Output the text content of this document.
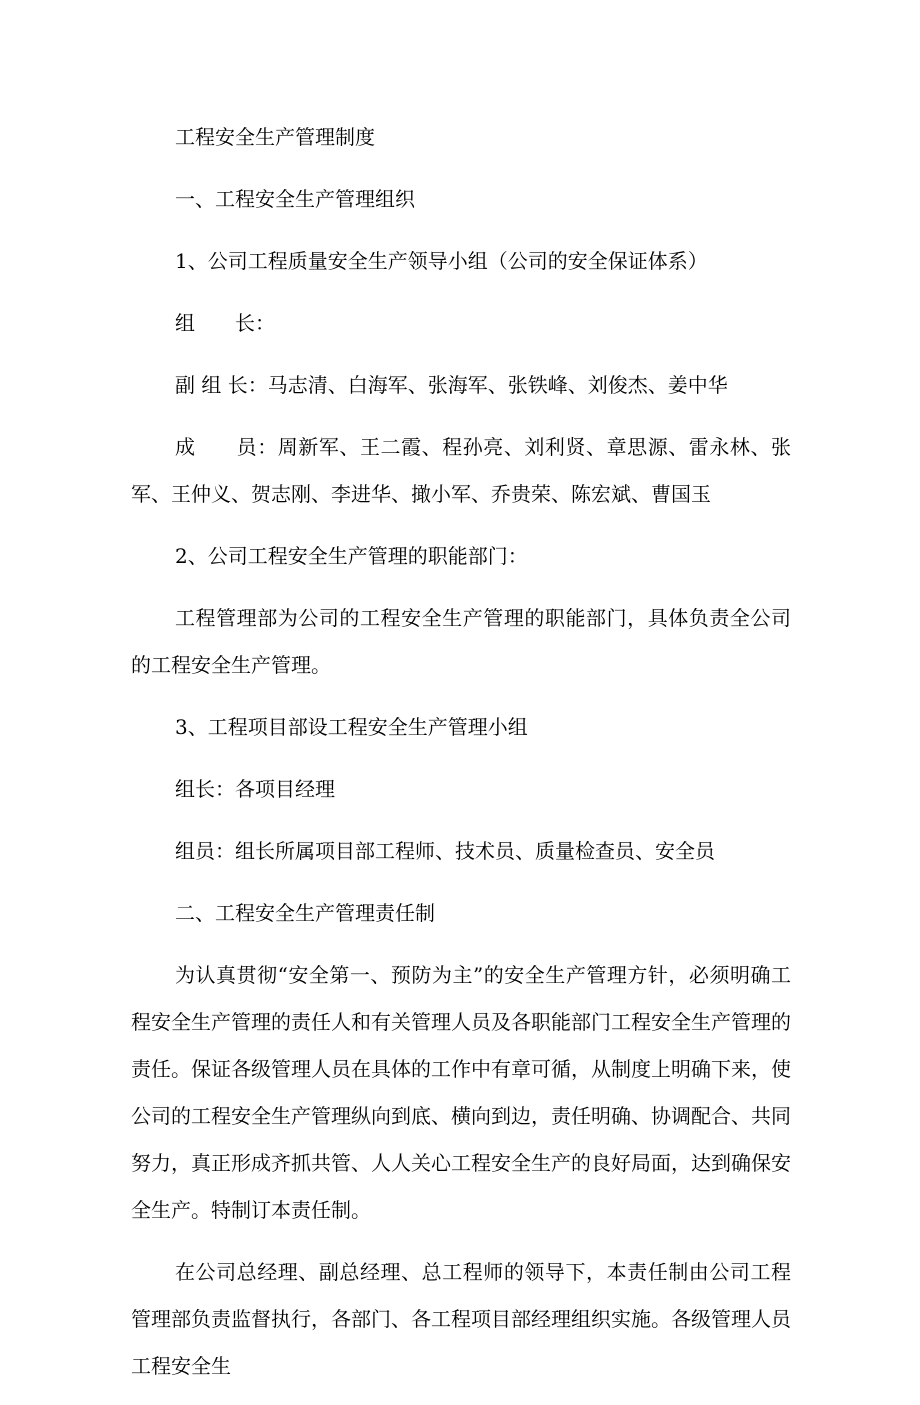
工程安全生产管理制度

一、工程安全生产管理组织

1、公司工程质量安全生产领导小组（公司的安全保证体系）

组　　长：

副 组 长：马志清、白海军、张海军、张铁峰、刘俊杰、姜中华

成　　员：周新军、王二霞、程孙亮、刘利贤、章思源、雷永林、张军、王仲义、贺志刚、李进华、撖小军、乔贵荣、陈宏斌、曹国玉

2、公司工程安全生产管理的职能部门：

工程管理部为公司的工程安全生产管理的职能部门，具体负责全公司的工程安全生产管理。

3、工程项目部设工程安全生产管理小组

组长：各项目经理

组员：组长所属项目部工程师、技术员、质量检查员、安全员

二、工程安全生产管理责任制

为认真贯彻“安全第一、预防为主”的安全生产管理方针，必须明确工程安全生产管理的责任人和有关管理人员及各职能部门工程安全生产管理的责任。保证各级管理人员在具体的工作中有章可循，从制度上明确下来，使公司的工程安全生产管理纵向到底、横向到边，责任明确、协调配合、共同努力，真正形成齐抓共管、人人关心工程安全生产的良好局面，达到确保安全生产。特制订本责任制。

在公司总经理、副总经理、总工程师的领导下，本责任制由公司工程管理部负责监督执行，各部门、各工程项目部经理组织实施。各级管理人员工程安全生
